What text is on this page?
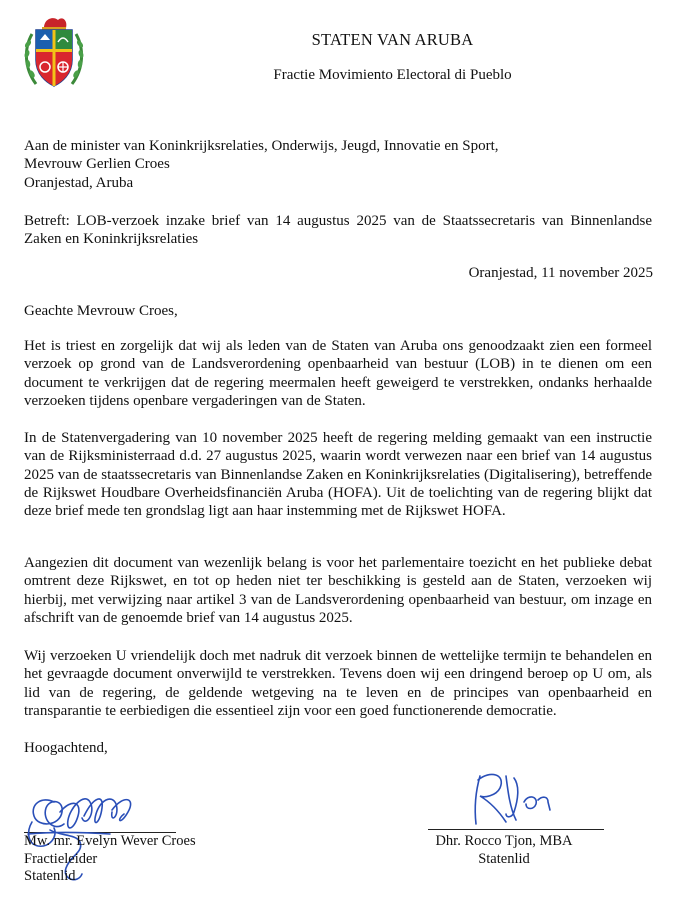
STATEN VAN ARUBA
Fractie Movimiento Electoral di Pueblo
Aan de minister van Koninkrijksrelaties, Onderwijs, Jeugd, Innovatie en Sport,
Mevrouw Gerlien Croes
Oranjestad, Aruba
Betreft: LOB-verzoek inzake brief van 14 augustus 2025 van de Staatssecretaris van Binnenlandse Zaken en Koninkrijksrelaties
Oranjestad, 11 november 2025
Geachte Mevrouw Croes,
Het is triest en zorgelijk dat wij als leden van de Staten van Aruba ons genoodzaakt zien een formeel verzoek op grond van de Landsverordening openbaarheid van bestuur (LOB) in te dienen om een document te verkrijgen dat de regering meermalen heeft geweigerd te verstrekken, ondanks herhaalde verzoeken tijdens openbare vergaderingen van de Staten.
In de Statenvergadering van 10 november 2025 heeft de regering melding gemaakt van een instructie van de Rijksministerraad d.d. 27 augustus 2025, waarin wordt verwezen naar een brief van 14 augustus 2025 van de staatssecretaris van Binnenlandse Zaken en Koninkrijksrelaties (Digitalisering), betreffende de Rijkswet Houdbare Overheidsfinanciën Aruba (HOFA). Uit de toelichting van de regering blijkt dat deze brief mede ten grondslag ligt aan haar instemming met de Rijkswet HOFA.
Aangezien dit document van wezenlijk belang is voor het parlementaire toezicht en het publieke debat omtrent deze Rijkswet, en tot op heden niet ter beschikking is gesteld aan de Staten, verzoeken wij hierbij, met verwijzing naar artikel 3 van de Landsverordening openbaarheid van bestuur, om inzage en afschrift van de genoemde brief van 14 augustus 2025.
Wij verzoeken U vriendelijk doch met nadruk dit verzoek binnen de wettelijke termijn te behandelen en het gevraagde document onverwijld te verstrekken. Tevens doen wij een dringend beroep op U om, als lid van de regering, de geldende wetgeving na te leven en de principes van openbaarheid en transparantie te eerbiedigen die essentieel zijn voor een goed functionerende democratie.
Hoogachtend,
Mw. mr. Evelyn Wever Croes
Fractieleider
Statenlid
Dhr. Rocco Tjon, MBA
Statenlid
